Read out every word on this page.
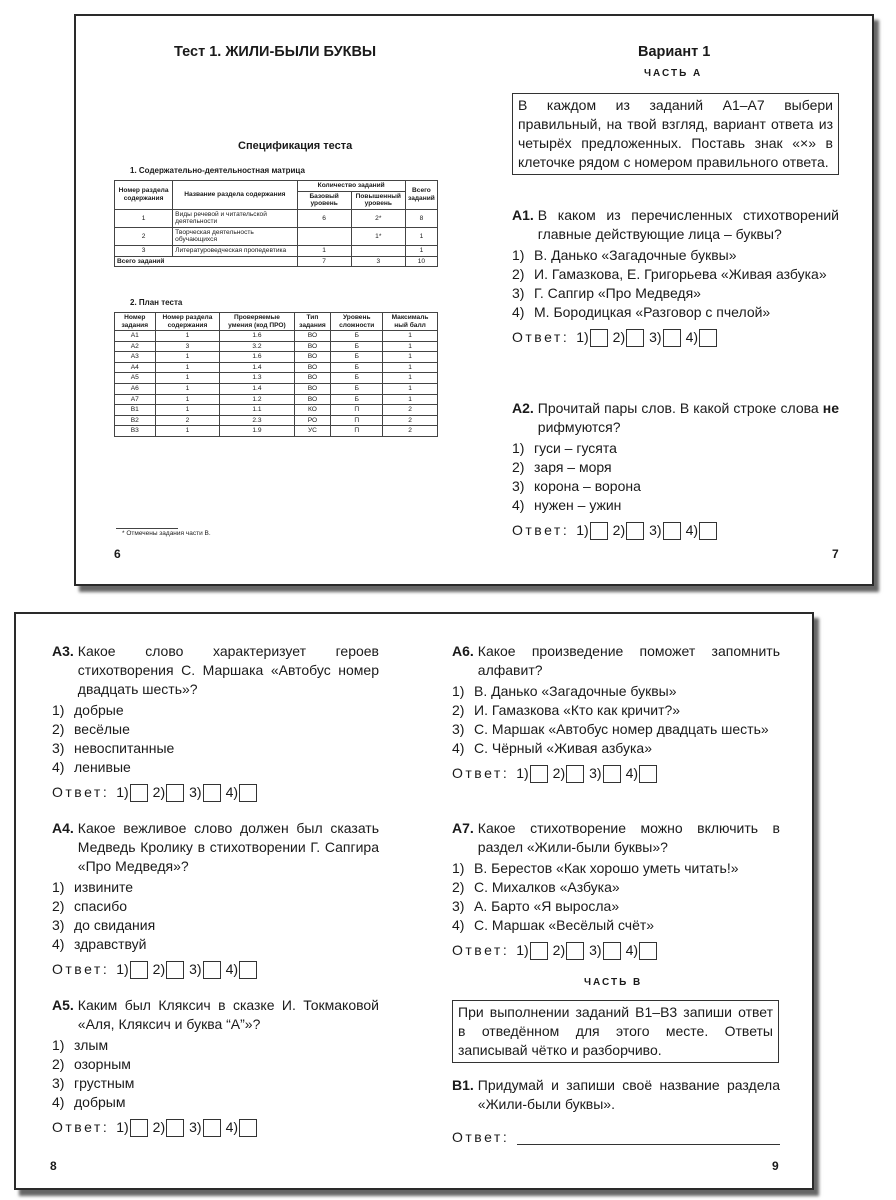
Тест 1. ЖИЛИ-БЫЛИ БУКВЫ
Спецификация теста
1. Содержательно-деятельностная матрица
Номер раздела содержания	Название раздела содержания	Количество заданий		Всего заданий
		Базовый уровень	Повышенный уровень	
1	Виды речевой и читательской деятельности	6	2*	8
2	Творческая деятельность обучающихся		1*	1
3	Литературоведческая пропедевтика	1		1
Всего заданий		7	3	10
2. План теста
Номер задания	Номер раздела содержания	Проверяемые умения (код ПРО)	Тип задания	Уровень сложности	Максималь ный балл
А1	1	1.6	ВО	Б	1
А2	3	3.2	ВО	Б	1
А3	1	1.6	ВО	Б	1
А4	1	1.4	ВО	Б	1
А5	1	1.3	ВО	Б	1
А6	1	1.4	ВО	Б	1
А7	1	1.2	ВО	Б	1
В1	1	1.1	КО	П	2
В2	2	2.3	РО	П	2
В3	1	1.9	УС	П	2
* Отмечены задания части В.
6
Вариант 1
ЧАСТЬ А
В каждом из заданий А1–А7 выбери правильный, на твой взгляд, вариант ответа из четырёх предложенных. Поставь знак «×» в клеточке рядом с номером правильного ответа.
А1. В каком из перечисленных стихотворений главные действующие лица – буквы?
1) В. Данько «Загадочные буквы»
2) И. Гамазкова, Е. Григорьева «Живая азбука»
3) Г. Сапгир «Про Медведя»
4) М. Бородицкая «Разговор с пчелой»
Ответ: 1) 2) 3) 4)
А2. Прочитай пары слов. В какой строке слова не рифмуются?
1) гуси – гусята
2) заря – моря
3) корона – ворона
4) нужен – ужин
Ответ: 1) 2) 3) 4)
7
А3. Какое слово характеризует героев стихотворения С. Маршака «Автобус номер двадцать шесть»?
1) добрые
2) весёлые
3) невоспитанные
4) ленивые
Ответ: 1) 2) 3) 4)
А4. Какое вежливое слово должен был сказать Медведь Кролику в стихотворении Г. Сапгира «Про Медведя»?
1) извините
2) спасибо
3) до свидания
4) здравствуй
Ответ: 1) 2) 3) 4)
А5. Каким был Кляксич в сказке И. Токмаковой «Аля, Кляксич и буква “А”»?
1) злым
2) озорным
3) грустным
4) добрым
Ответ: 1) 2) 3) 4)
8
А6. Какое произведение поможет запомнить алфавит?
1) В. Данько «Загадочные буквы»
2) И. Гамазкова «Кто как кричит?»
3) С. Маршак «Автобус номер двадцать шесть»
4) С. Чёрный «Живая азбука»
Ответ: 1) 2) 3) 4)
А7. Какое стихотворение можно включить в раздел «Жили-были буквы»?
1) В. Берестов «Как хорошо уметь читать!»
2) С. Михалков «Азбука»
3) А. Барто «Я выросла»
4) С. Маршак «Весёлый счёт»
Ответ: 1) 2) 3) 4)
ЧАСТЬ В
При выполнении заданий В1–В3 запиши ответ в отведённом для этого месте. Ответы записывай чётко и разборчиво.
В1. Придумай и запиши своё название раздела «Жили-были буквы».
Ответ:
9
